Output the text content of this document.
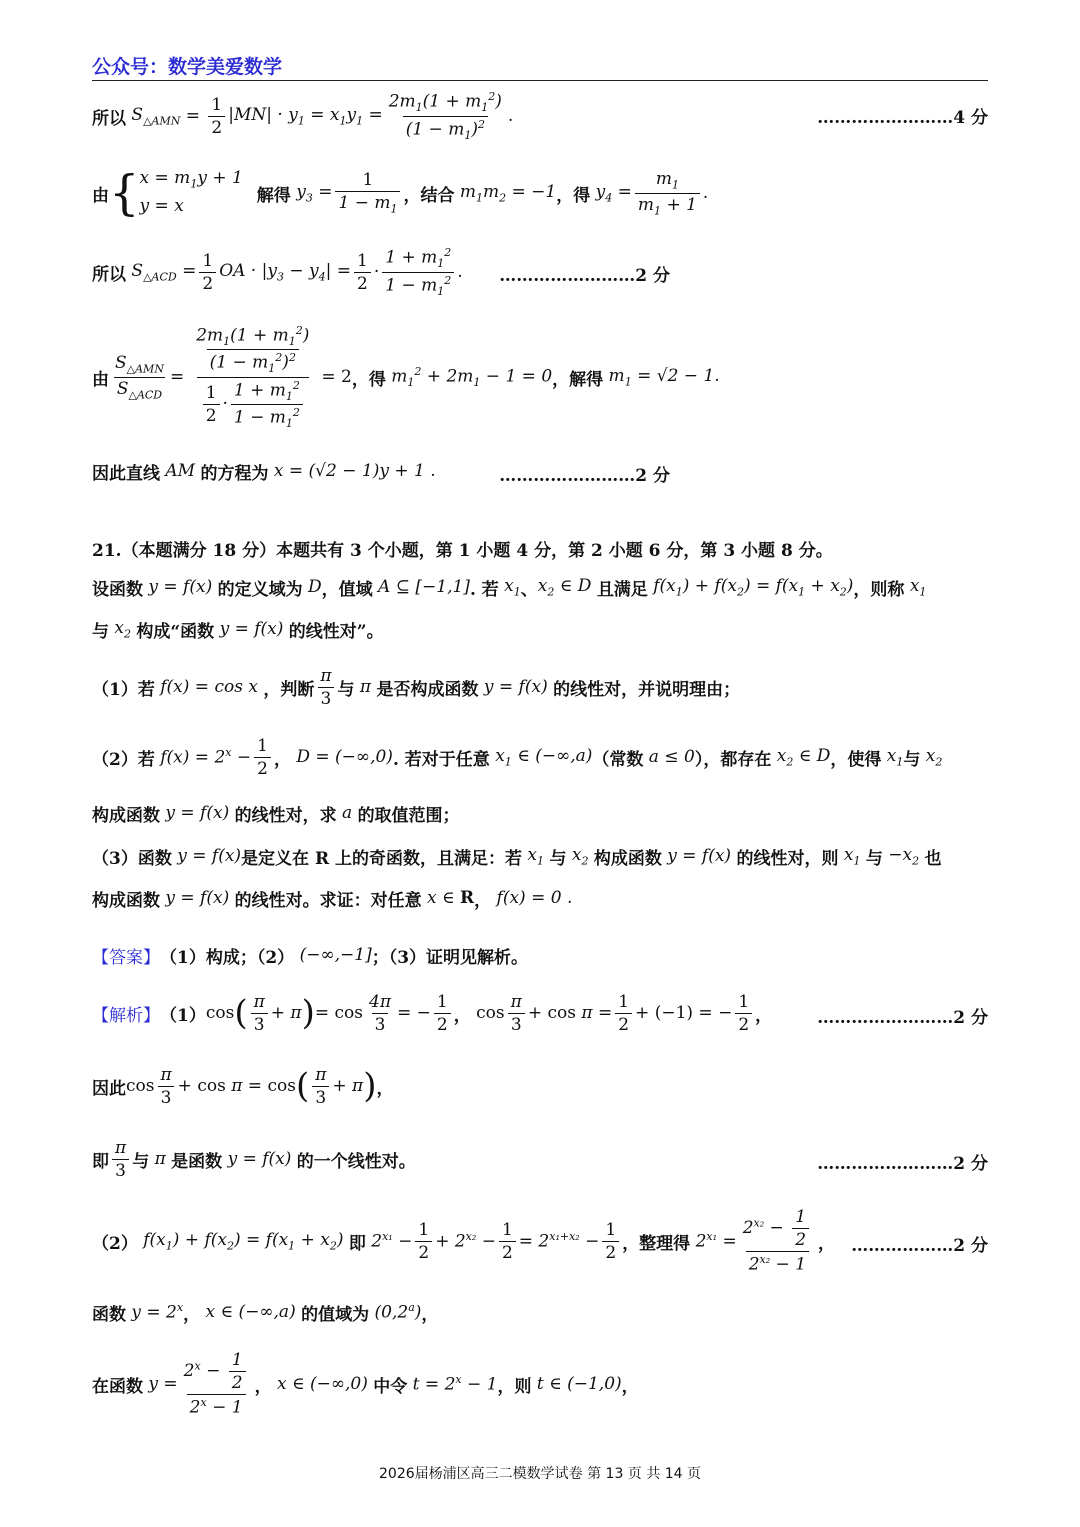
公众号：数学美爱数学
所以 $S_{\triangle AMN} = \frac{1}{2} |MN| \cdot y_1 = x_1y_1 = \frac{2m_1(1 + m_1^2)}{(1 - m_1)^2}$ .	……………………4 分
由 { $x = m_1y + 1$
y = x
解得 $y_3 = \frac{1}{1 - m_1}$ ，结合 $m_1m_2 = -1$ ，得 $y_4 = \frac{m_1}{m_1 + 1}$ .
所以 $S_{\triangle ACD} = \frac{1}{2}$ OA · $|y_3 - y_4| = \frac{1}{2} \cdot \frac{1 + m_1^2}{1 - m_1^2}$ . ……………………2 分
由 $\frac{S_{\triangle AMN}}{S_{\triangle ACD}} = \frac{\frac{2m_1(1 + m_1^2)}{(1 - m_1^2)^2}}{\frac{1}{2} \cdot \frac{1 + m_1^2}{1 - m_1^2}} = 2$ ，得 $m_1^2 + 2m_1 - 1 = 0$ ，解得 $m_1 = √2 - 1$.
因此直线 AM 的方程为 x = (√2 − 1)y + 1 .	……………………2 分
21.（本题满分 18 分）本题共有 3 个小题，第 1 小题 4 分，第 2 小题 6 分，第 3 小题 8 分。
设函数 y = f(x) 的定义域为 D ，值域 A ⊆ [−1,1] . 若 $x_1$ 、 $x_2$ ∈ D 且满足 $f(x_1) + f(x_2) = f(x_1 + x_2)$ ，则称 $x_1$
与 $x_2$ 构成“函数 y = f(x) 的线性对”。
（1）若 f(x) = cos x ，判断 $\frac{\pi}{3}$ 与 π 是否构成函数 y = f(x) 的线性对，并说明理由；
（2）若 $f(x) = 2^x - \frac{1}{2}$ ， D = (−∞,0) . 若对于任意 $x_1$ ∈ (−∞,a) （常数 a ≤ 0 ），都存在 $x_2$ ∈ D ，使得 $x_1$ 与 $x_2$
构成函数 y = f(x) 的线性对，求 a 的取值范围；
（3）函数 y = f(x) 是定义在 R 上的奇函数，且满足：若 $x_1$ 与 $x_2$ 构成函数 y = f(x) 的线性对，则 $x_1$ 与 $-x_2$ 也
构成函数 y = f(x) 的线性对。求证：对任意 x ∈ R ， f(x) = 0 .
【答案】 （1）构成；（2） (−∞,−1] ；（3）证明见解析。
【解析】 （1） cos ( $\frac{\pi}{3} + \pi$ ) = $\cos \frac{4\pi}{3}$ = − $\frac{1}{2}$ ， $\cos \frac{\pi}{3} + \cos \pi = \frac{1}{2} + (-1)$ = − $\frac{1}{2}$ ，	……………………2 分
因此 $\cos \frac{\pi}{3} + \cos \pi = \cos$ ( $\frac{\pi}{3} + \pi$ ) ，
即 $\frac{\pi}{3}$ 与 π 是函数 y = f(x) 的一个线性对。	……………………2 分
（2） $f(x_1) + f(x_2) = f(x_1 + x_2)$ 即 $2^{x_1} - \frac{1}{2} + 2^{x_2} - \frac{1}{2} = 2^{x_1+x_2} - \frac{1}{2}$ ，整理得 $2^{x_1} = \frac{2^{x_2} - \frac{1}{2}}{2^{x_2} - 1}$ ， ………………2 分
函数 $y = 2^x$ ， x ∈ (−∞,a) 的值域为 (0,2$^a$) ，
在函数 $y = \frac{2^x - \frac{1}{2}}{2^x - 1}$ ， x ∈ (−∞,0) 中令 $t = 2^x - 1$ ，则 t ∈ (−1,0) ，
2026届杨浦区高三二模数学试卷 第 13 页 共 14 页
